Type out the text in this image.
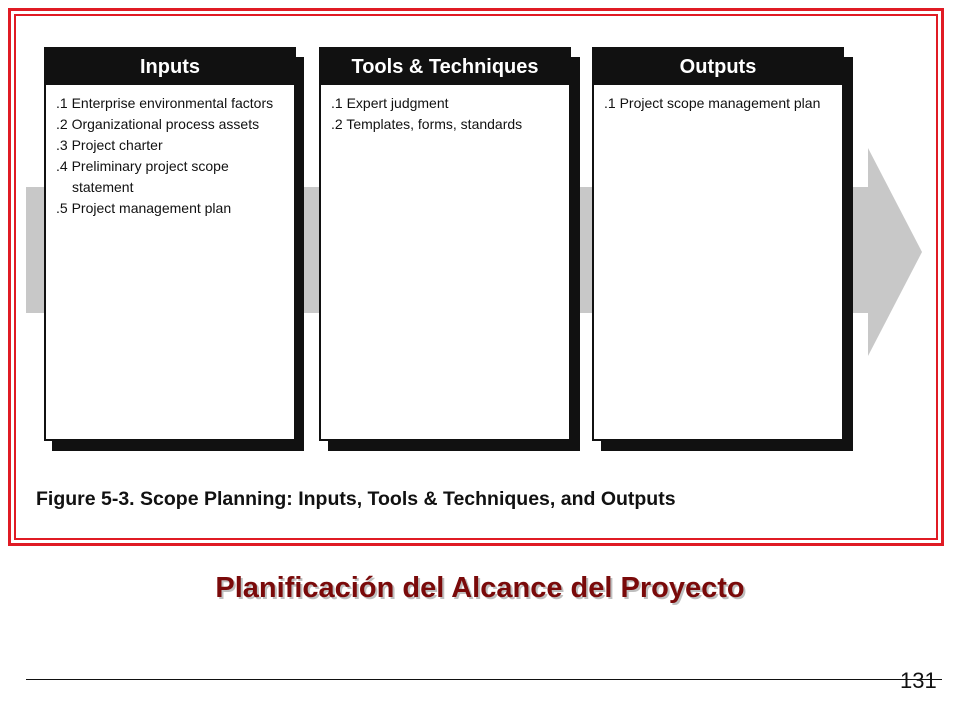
Inputs
.1 Enterprise environmental factors
.2 Organizational process assets
.3 Project charter
.4 Preliminary project scope statement
.5 Project management plan
Tools & Techniques
.1 Expert judgment
.2 Templates, forms, standards
Outputs
.1 Project scope management plan
Figure 5-3. Scope Planning: Inputs, Tools & Techniques, and Outputs
Planificación del Alcance del Proyecto
131
